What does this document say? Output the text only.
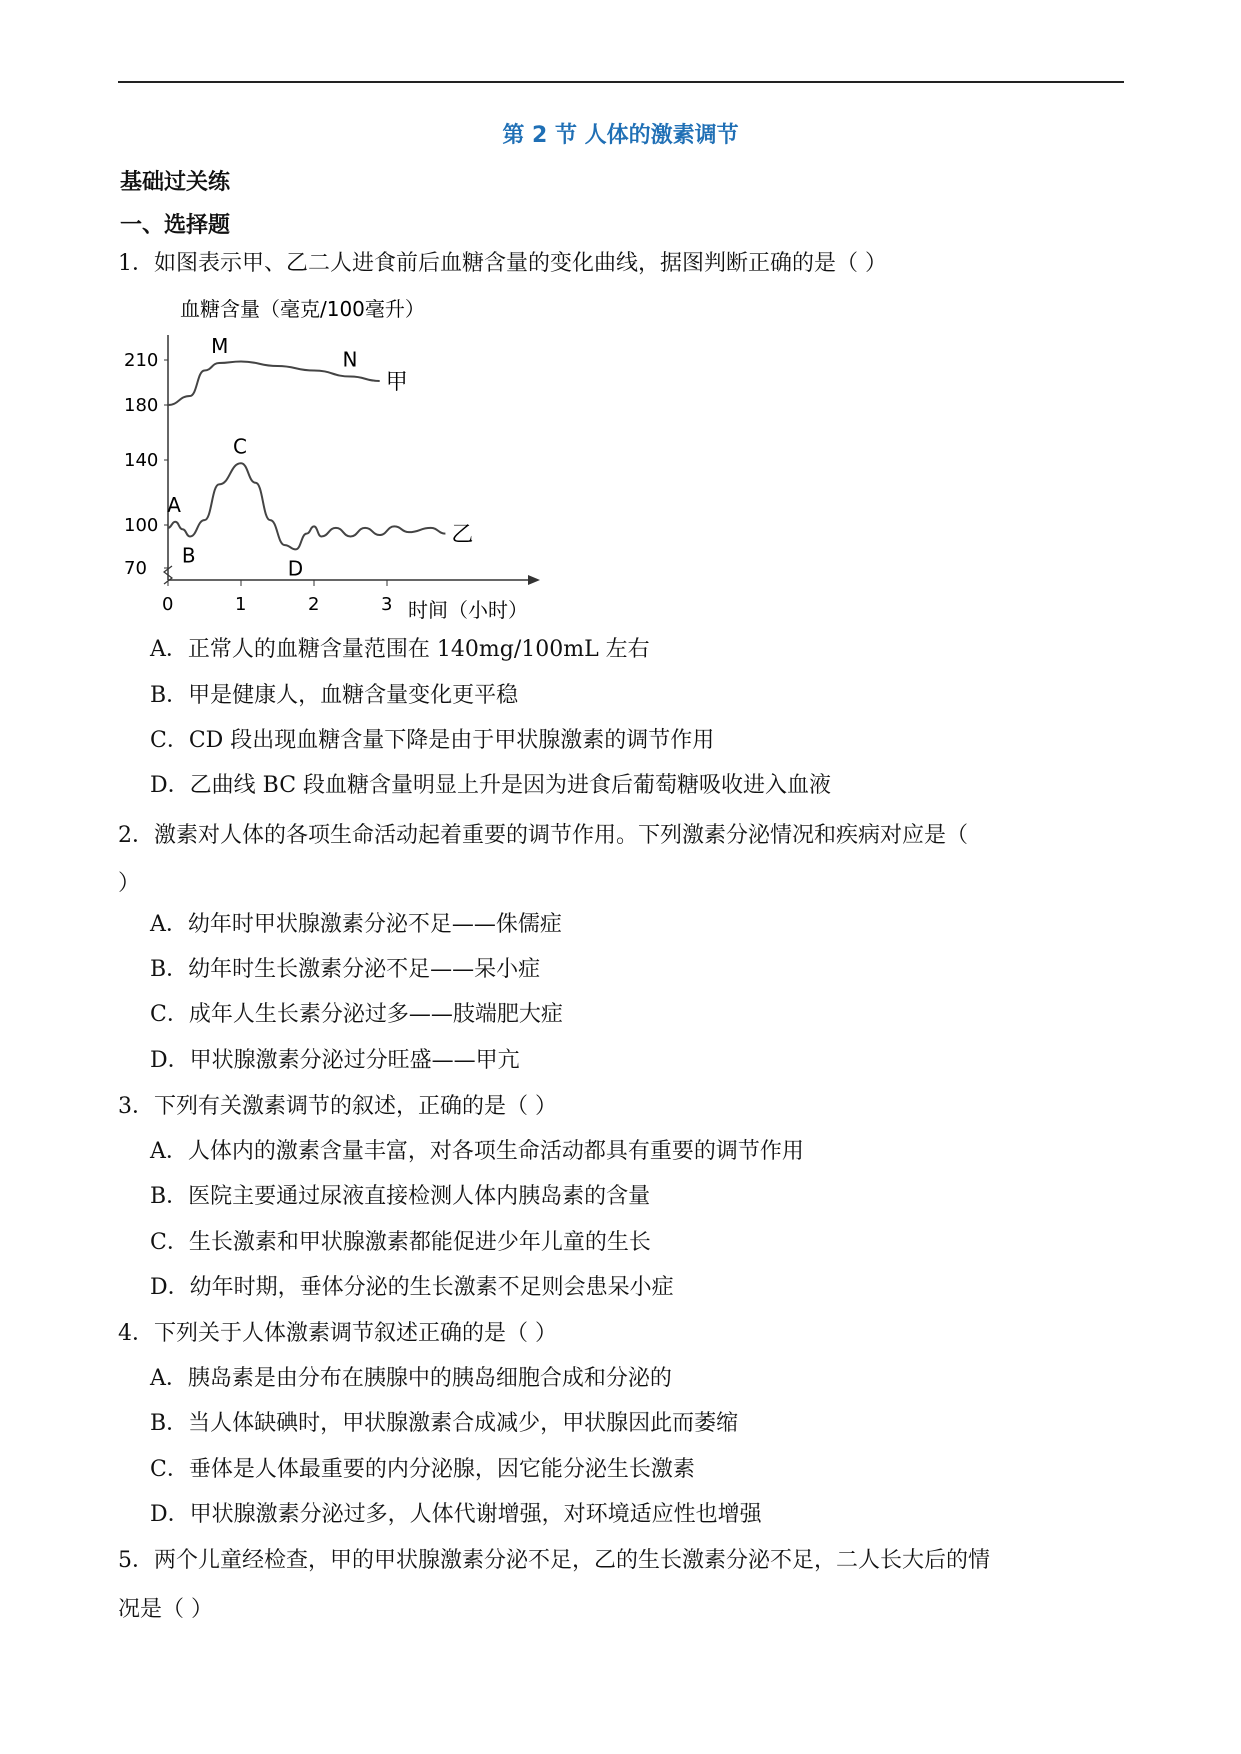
第 2 节 人体的激素调节
基础过关练
一、选择题
1．如图表示甲、乙二人进食前后血糖含量的变化曲线，据图判断正确的是（ ）
0	1	2	3
70
100
140
180
210
甲
M
N
乙
A
B
C
D
血糖含量（毫克/100毫升）
时间（小时）
A．正常人的血糖含量范围在 140mg/100mL 左右
B．甲是健康人，血糖含量变化更平稳
C．CD 段出现血糖含量下降是由于甲状腺激素的调节作用
D．乙曲线 BC 段血糖含量明显上升是因为进食后葡萄糖吸收进入血液
2．激素对人体的各项生命活动起着重要的调节作用。下列激素分泌情况和疾病对应是（
）
A．幼年时甲状腺激素分泌不足——侏儒症
B．幼年时生长激素分泌不足——呆小症
C．成年人生长素分泌过多——肢端肥大症
D．甲状腺激素分泌过分旺盛——甲亢
3．下列有关激素调节的叙述，正确的是（ ）
A．人体内的激素含量丰富，对各项生命活动都具有重要的调节作用
B．医院主要通过尿液直接检测人体内胰岛素的含量
C．生长激素和甲状腺激素都能促进少年儿童的生长
D．幼年时期，垂体分泌的生长激素不足则会患呆小症
4．下列关于人体激素调节叙述正确的是（ ）
A．胰岛素是由分布在胰腺中的胰岛细胞合成和分泌的
B．当人体缺碘时，甲状腺激素合成减少，甲状腺因此而萎缩
C．垂体是人体最重要的内分泌腺，因它能分泌生长激素
D．甲状腺激素分泌过多，人体代谢增强，对环境适应性也增强
5．两个儿童经检查，甲的甲状腺激素分泌不足，乙的生长激素分泌不足，二人长大后的情
况是（ ）
